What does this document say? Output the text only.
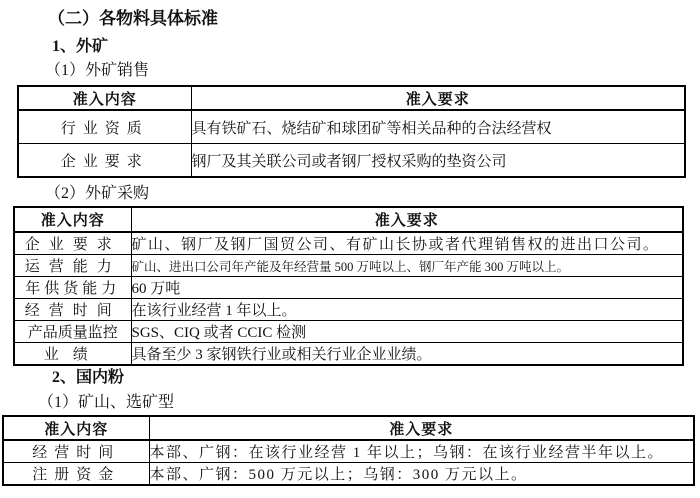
（二）各物料具体标准
1、外矿
（1）外矿销售
准入内容	准入要求
行业资质	具有铁矿石、烧结矿和球团矿等相关品种的合法经营权
企业要求	钢厂及其关联公司或者钢厂授权采购的垫资公司
（2）外矿采购
准入内容	准入要求
企业要求	矿山、钢厂及钢厂国贸公司、有矿山长协或者代理销售权的进出口公司。
运营能力	矿山、进出口公司年产能及年经营量 500 万吨以上、钢厂年产能 300 万吨以上。
年供货能力	60 万吨
经营时间	在该行业经营 1 年以上。
产品质量监控	SGS、CIQ 或者 CCIC 检测
业绩	具备至少 3 家钢铁行业或相关行业企业业绩。
2、国内粉
（1）矿山、选矿型
准入内容	准入要求
经营时间	本部、广钢：在该行业经营 1 年以上；乌钢：在该行业经营半年以上。
注册资金	本部、广钢：500 万元以上；乌钢：300 万元以上。
